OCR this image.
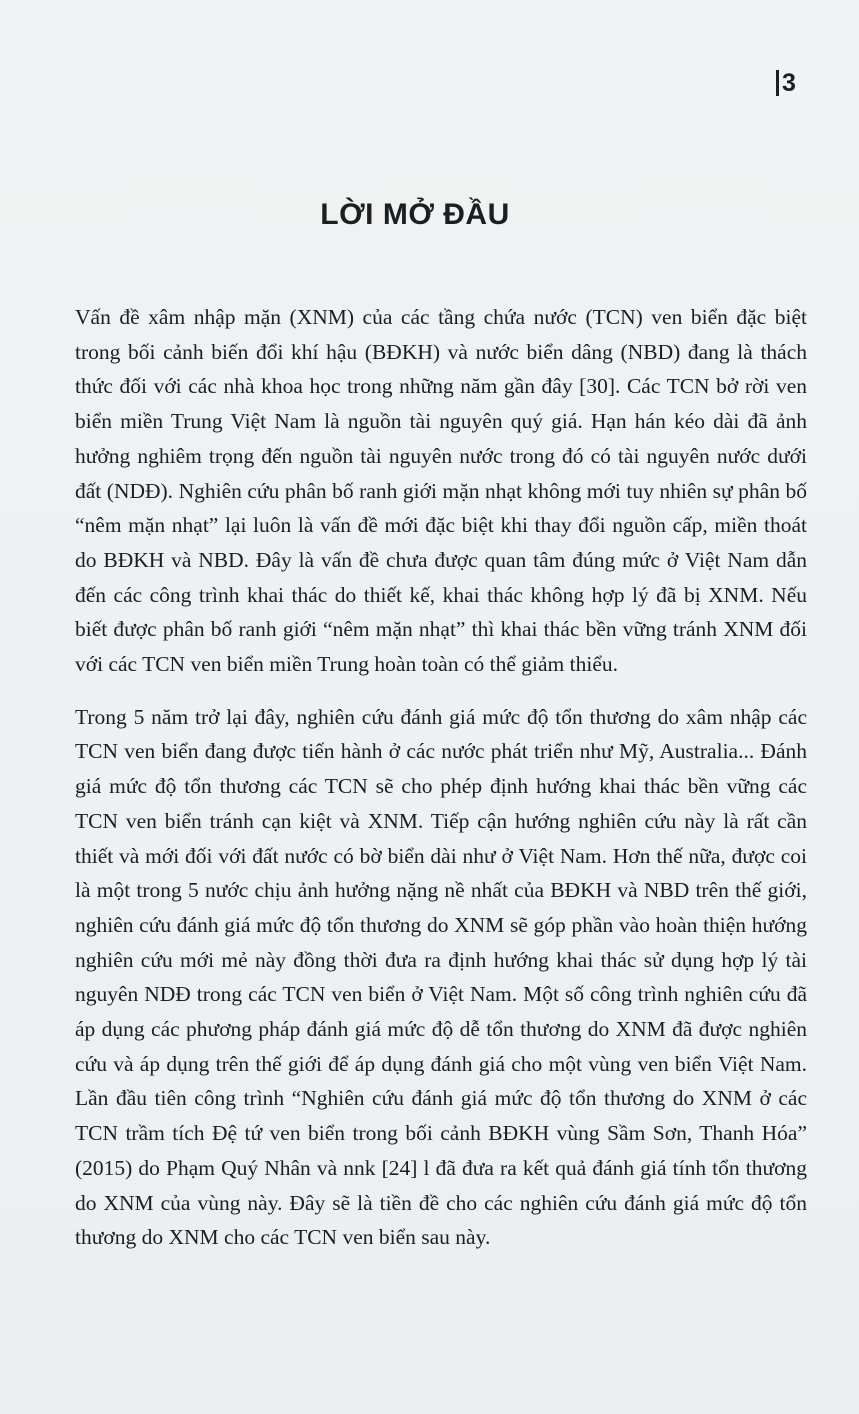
3
LỜI MỞ ĐẦU

Vấn đề xâm nhập mặn (XNM) của các tầng chứa nước (TCN) ven biển đặc biệt trong bối cảnh biến đổi khí hậu (BĐKH) và nước biển dâng (NBD) đang là thách thức đối với các nhà khoa học trong những năm gần đây [30]. Các TCN bở rời ven biển miền Trung Việt Nam là nguồn tài nguyên quý giá. Hạn hán kéo dài đã ảnh hưởng nghiêm trọng đến nguồn tài nguyên nước trong đó có tài nguyên nước dưới đất (NDĐ). Nghiên cứu phân bố ranh giới mặn nhạt không mới tuy nhiên sự phân bố “nêm mặn nhạt” lại luôn là vấn đề mới đặc biệt khi thay đổi nguồn cấp, miền thoát do BĐKH và NBD. Đây là vấn đề chưa được quan tâm đúng mức ở Việt Nam dẫn đến các công trình khai thác do thiết kế, khai thác không hợp lý đã bị XNM. Nếu biết được phân bố ranh giới “nêm mặn nhạt” thì khai thác bền vững tránh XNM đối với các TCN ven biển miền Trung hoàn toàn có thể giảm thiểu.

Trong 5 năm trở lại đây, nghiên cứu đánh giá mức độ tổn thương do xâm nhập các TCN ven biển đang được tiến hành ở các nước phát triển như Mỹ, Australia... Đánh giá mức độ tổn thương các TCN sẽ cho phép định hướng khai thác bền vững các TCN ven biển tránh cạn kiệt và XNM. Tiếp cận hướng nghiên cứu này là rất cần thiết và mới đối với đất nước có bờ biển dài như ở Việt Nam. Hơn thế nữa, được coi là một trong 5 nước chịu ảnh hưởng nặng nề nhất của BĐKH và NBD trên thế giới, nghiên cứu đánh giá mức độ tổn thương do XNM sẽ góp phần vào hoàn thiện hướng nghiên cứu mới mẻ này đồng thời đưa ra định hướng khai thác sử dụng hợp lý tài nguyên NDĐ trong các TCN ven biển ở Việt Nam. Một số công trình nghiên cứu đã áp dụng các phương pháp đánh giá mức độ dễ tổn thương do XNM đã được nghiên cứu và áp dụng trên thế giới để áp dụng đánh giá cho một vùng ven biển Việt Nam. Lần đầu tiên công trình “Nghiên cứu đánh giá mức độ tổn thương do XNM ở các TCN trầm tích Đệ tứ ven biển trong bối cảnh BĐKH vùng Sầm Sơn, Thanh Hóa” (2015) do Phạm Quý Nhân và nnk [24] l đã đưa ra kết quả đánh giá tính tổn thương do XNM của vùng này. Đây sẽ là tiền đề cho các nghiên cứu đánh giá mức độ tổn thương do XNM cho các TCN ven biển sau này.
